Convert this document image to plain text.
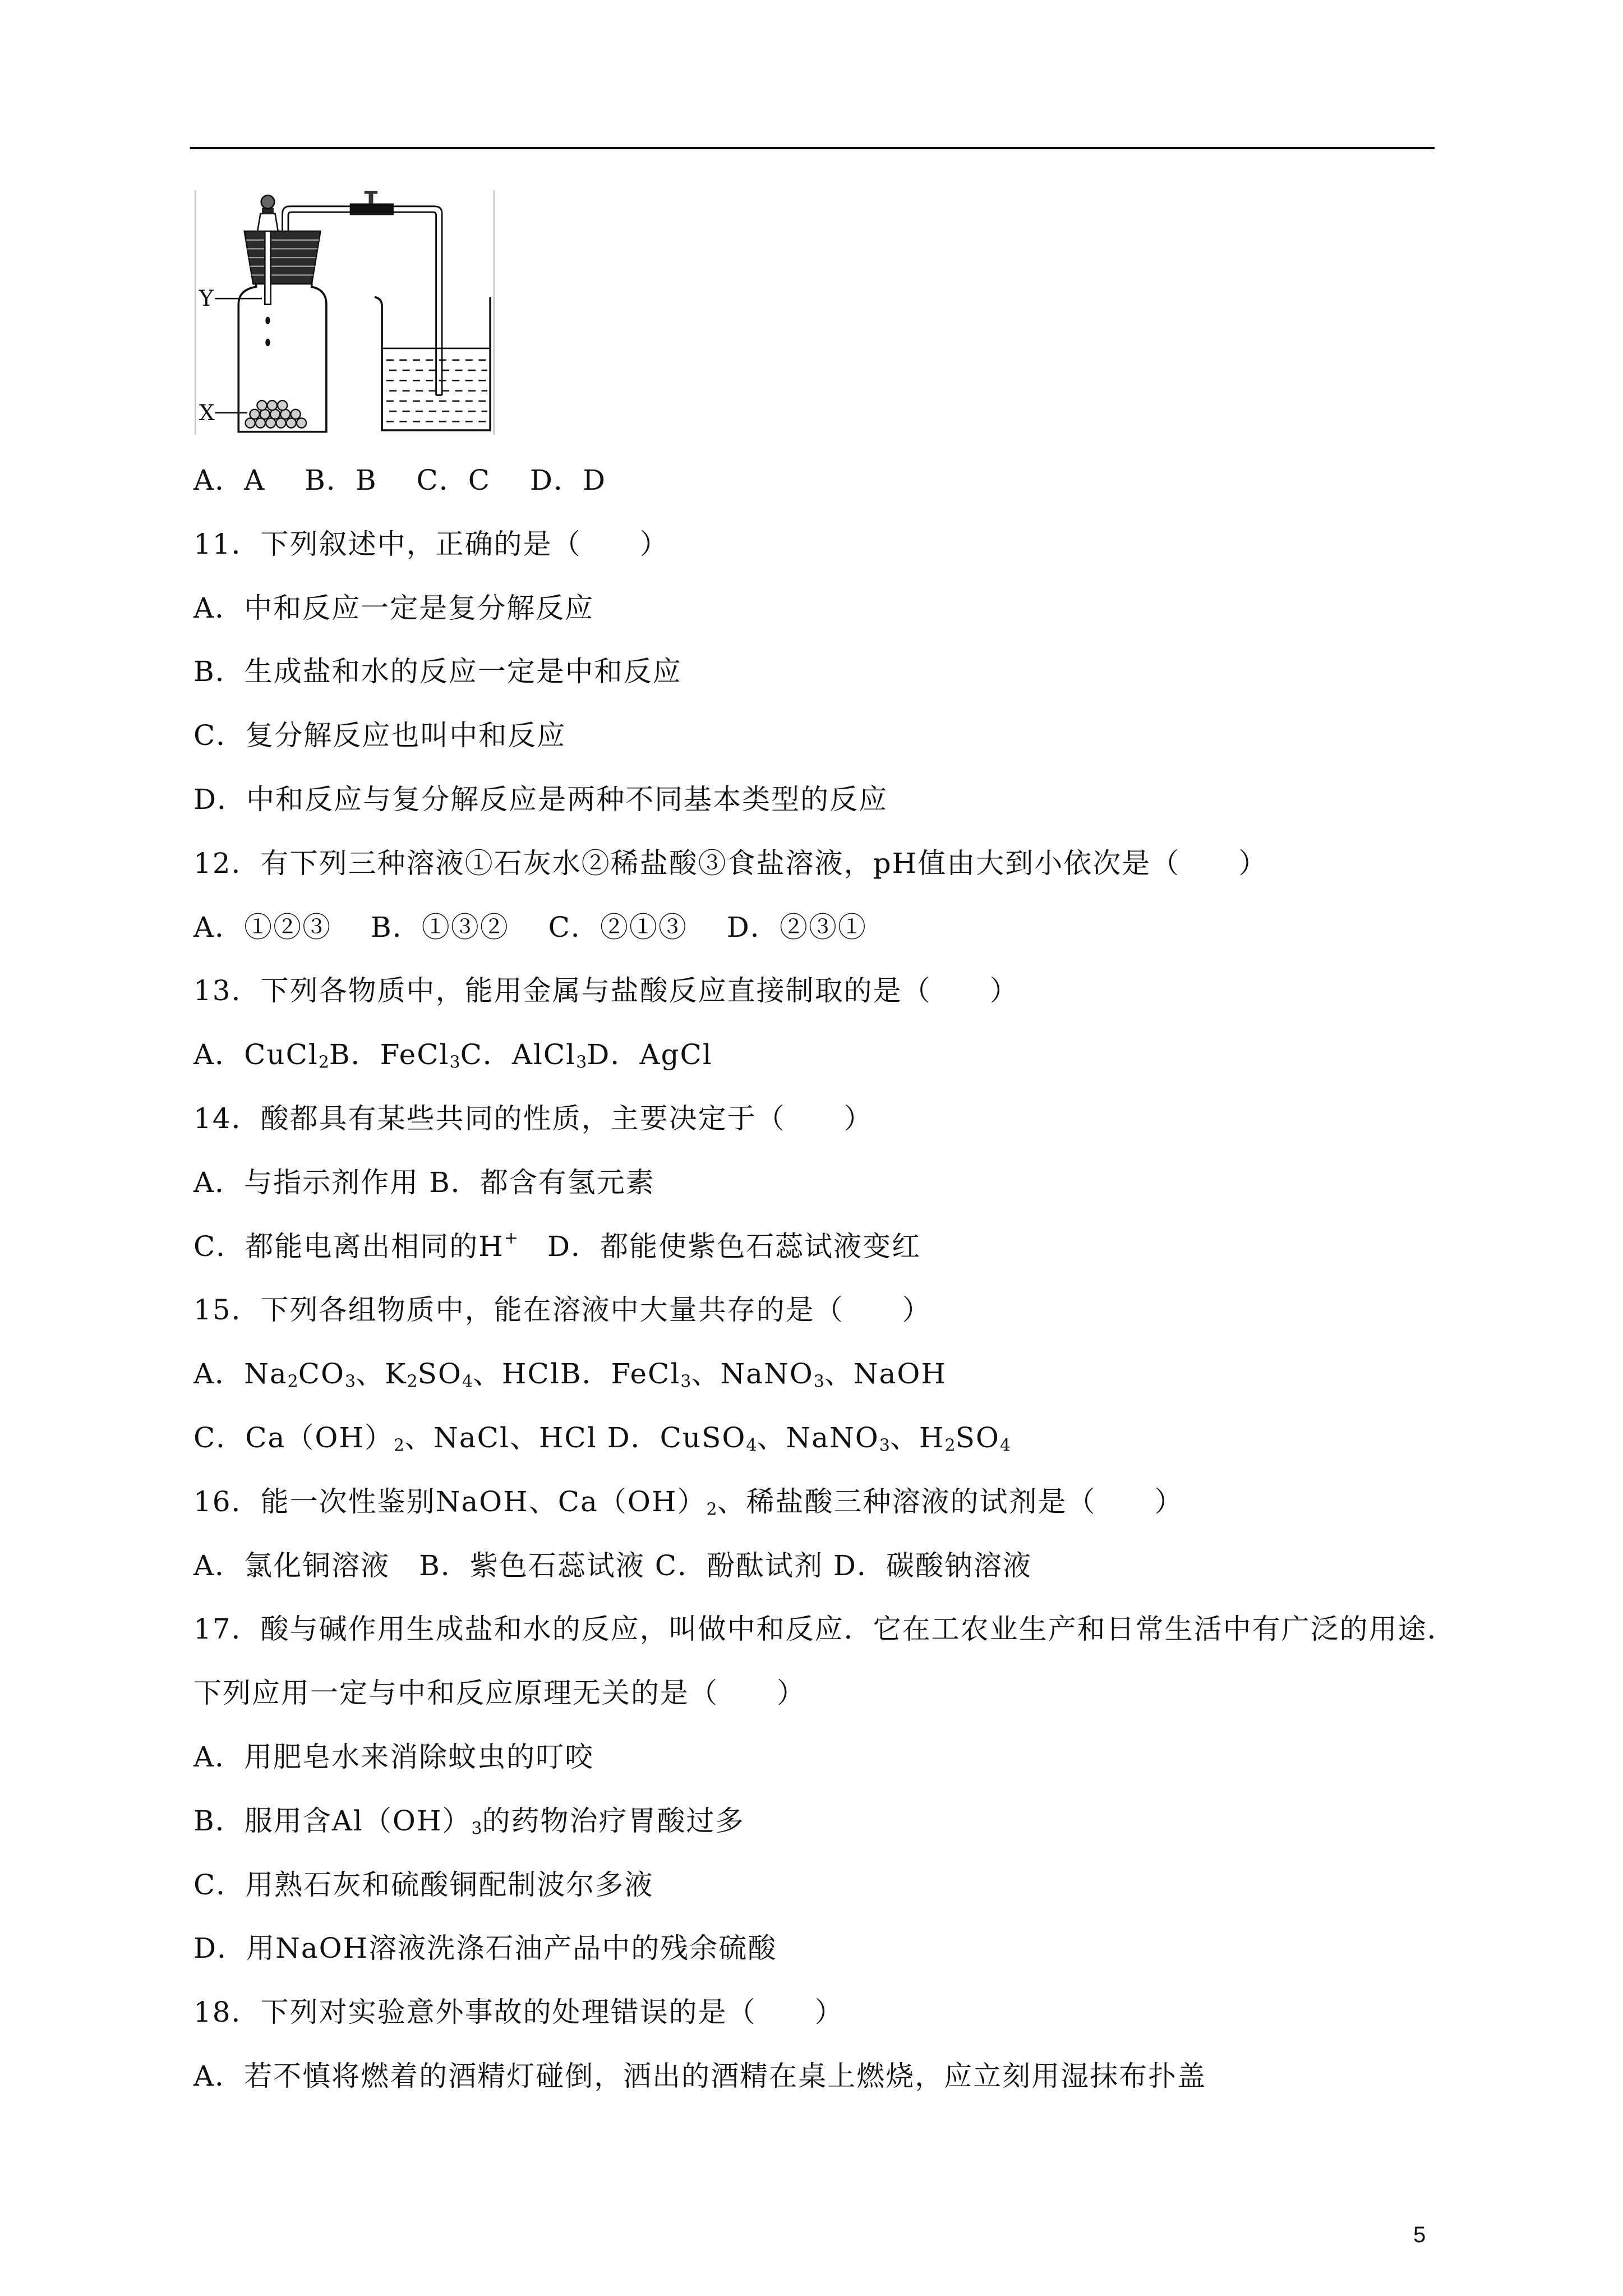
Y
X
A．A　 B．B　 C．C　 D．D
11．下列叙述中，正确的是（　　）
A．中和反应一定是复分解反应
B．生成盐和水的反应一定是中和反应
C．复分解反应也叫中和反应
D．中和反应与复分解反应是两种不同基本类型的反应
12．有下列三种溶液①石灰水②稀盐酸③食盐溶液，pH值由大到小依次是（　　）
A．①②③　 B．①③②　 C．②①③　 D．②③①
13．下列各物质中，能用金属与盐酸反应直接制取的是（　　）
A．CuCl$_2$B．FeCl$_3$C．AlCl$_3$D．AgCl
14．酸都具有某些共同的性质，主要决定于（　　）
A．与指示剂作用 B．都含有氢元素
C．都能电离出相同的H+　D．都能使紫色石蕊试液变红
15．下列各组物质中，能在溶液中大量共存的是（　　）
A．$Na_2CO_3$、$K_2SO_4$、HClB．FeCl$_3$、NaNO$_3$、NaOH
C．$Ca(OH)_2$、NaCl、HCl D．CuSO$_4$、NaNO$_3$、$H_2SO_4$
16．能一次性鉴别NaOH、$Ca(OH)_2$、稀盐酸三种溶液的试剂是（　　）
A．氯化铜溶液　B．紫色石蕊试液 C．酚酞试剂 D．碳酸钠溶液
17．酸与碱作用生成盐和水的反应，叫做中和反应．它在工农业生产和日常生活中有广泛的用途．
下列应用一定与中和反应原理无关的是（　　）
A．用肥皂水来消除蚊虫的叮咬
B．服用含$Al(OH)_3$的药物治疗胃酸过多
C．用熟石灰和硫酸铜配制波尔多液
D．用NaOH溶液洗涤石油产品中的残余硫酸
18．下列对实验意外事故的处理错误的是（　　）
A．若不慎将燃着的酒精灯碰倒，洒出的酒精在桌上燃烧，应立刻用湿抹布扑盖
5
